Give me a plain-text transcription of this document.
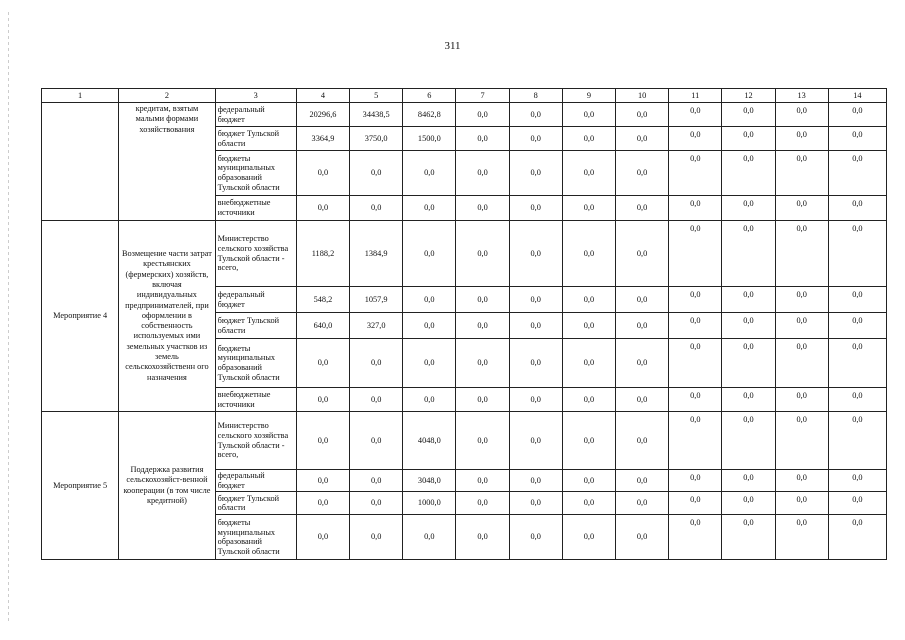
311
1	2	3	4	5	6	7	8	9	10	11	12	13	14
	кредитам, взятым малыми формами хозяйствования	федеральный бюджет	20296,6	34438,5	8462,8	0,0	0,0	0,0	0,0	0,0	0,0	0,0	0,0
		бюджет Тульской области	3364,9	3750,0	1500,0	0,0	0,0	0,0	0,0	0,0	0,0	0,0	0,0
		бюджеты муниципальных образований Тульской области	0,0	0,0	0,0	0,0	0,0	0,0	0,0	0,0	0,0	0,0	0,0
		внебюджетные источники	0,0	0,0	0,0	0,0	0,0	0,0	0,0	0,0	0,0	0,0	0,0
Мероприятие 4	Возмещение части затрат крестьянских (фермерских) хозяйств, включая индивидуальных предпринимателей, при оформлении в собственность используемых ими земельных участков из земель сельскохозяйственн ого назначения	Министерство сельского хозяйства Тульской области - всего,	1188,2	1384,9	0,0	0,0	0,0	0,0	0,0	0,0	0,0	0,0	0,0
		федеральный бюджет	548,2	1057,9	0,0	0,0	0,0	0,0	0,0	0,0	0,0	0,0	0,0
		бюджет Тульской области	640,0	327,0	0,0	0,0	0,0	0,0	0,0	0,0	0,0	0,0	0,0
		бюджеты муниципальных образований Тульской области	0,0	0,0	0,0	0,0	0,0	0,0	0,0	0,0	0,0	0,0	0,0
		внебюджетные источники	0,0	0,0	0,0	0,0	0,0	0,0	0,0	0,0	0,0	0,0	0,0
Мероприятие 5	Поддержка развития сельскохозяйст-венной кооперации (в том числе кредитной)	Министерство сельского хозяйства Тульской области - всего,	0,0	0,0	4048,0	0,0	0,0	0,0	0,0	0,0	0,0	0,0	0,0
		федеральный бюджет	0,0	0,0	3048,0	0,0	0,0	0,0	0,0	0,0	0,0	0,0	0,0
		бюджет Тульской области	0,0	0,0	1000,0	0,0	0,0	0,0	0,0	0,0	0,0	0,0	0,0
		бюджеты муниципальных образований Тульской области	0,0	0,0	0,0	0,0	0,0	0,0	0,0	0,0	0,0	0,0	0,0
